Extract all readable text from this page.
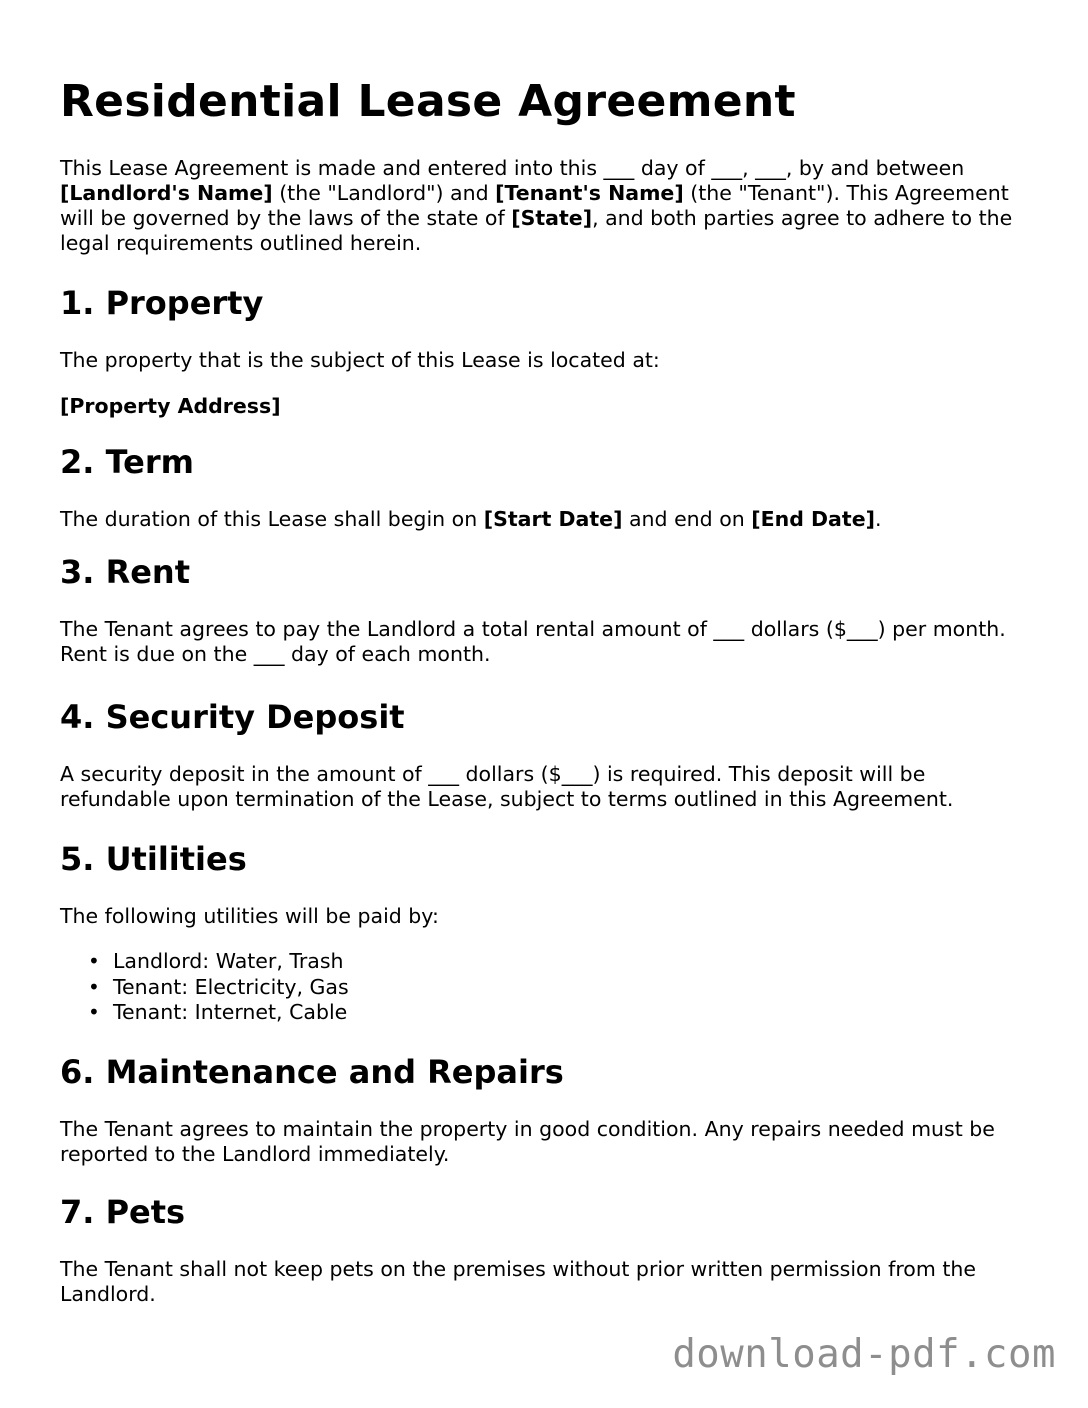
Residential Lease Agreement

This Lease Agreement is made and entered into this ___ day of ___, ___, by and between [Landlord's Name] (the "Landlord") and [Tenant's Name] (the "Tenant"). This Agreement will be governed by the laws of the state of [State], and both parties agree to adhere to the legal requirements outlined herein.

1. Property

The property that is the subject of this Lease is located at:

[Property Address]

2. Term

The duration of this Lease shall begin on [Start Date] and end on [End Date].

3. Rent

The Tenant agrees to pay the Landlord a total rental amount of ___ dollars ($___) per month. Rent is due on the ___ day of each month.

4. Security Deposit

A security deposit in the amount of ___ dollars ($___) is required. This deposit will be refundable upon termination of the Lease, subject to terms outlined in this Agreement.

5. Utilities

The following utilities will be paid by:

• Landlord: Water, Trash
• Tenant: Electricity, Gas
• Tenant: Internet, Cable
6. Maintenance and Repairs

The Tenant agrees to maintain the property in good condition. Any repairs needed must be reported to the Landlord immediately.

7. Pets

The Tenant shall not keep pets on the premises without prior written permission from the Landlord.

download-pdf.com
